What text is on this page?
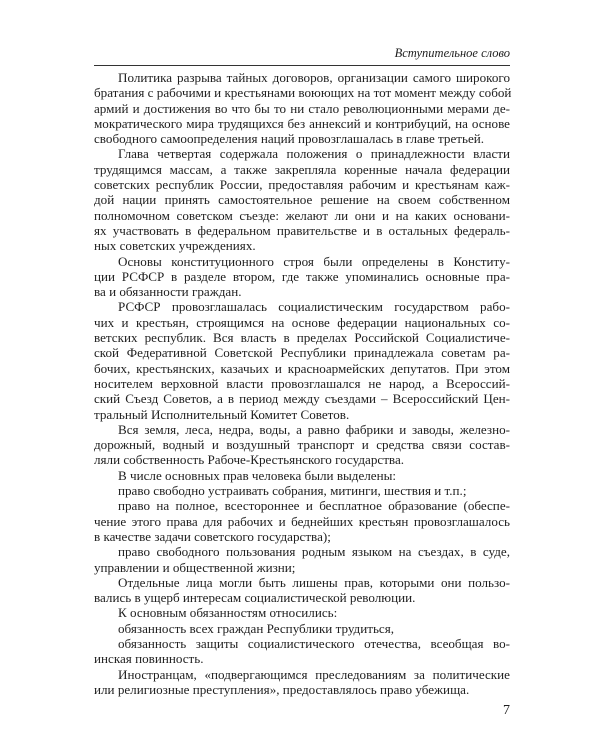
Вступительное слово
Политика разрыва тайных договоров, организации самого широкого
братания с рабочими и крестьянами воюющих на тот момент между собой
армий и достижения во что бы то ни стало революционными мерами де-
мократического мира трудящихся без аннексий и контрибуций, на основе
свободного самоопределения наций провозглашалась в главе третьей.
Глава четвертая содержала положения о принадлежности власти
трудящимся массам, а также закрепляла коренные начала федерации
советских республик России, предоставляя рабочим и крестьянам каж-
дой нации принять самостоятельное решение на своем собственном
полномочном советском съезде: желают ли они и на каких основани-
ях участвовать в федеральном правительстве и в остальных федераль-
ных советских учреждениях.
Основы конституционного строя были определены в Конститу-
ции РСФСР в разделе втором, где также упоминались основные пра-
ва и обязанности граждан.
РСФСР провозглашалась социалистическим государством рабо-
чих и крестьян, строящимся на основе федерации национальных со-
ветских республик. Вся власть в пределах Российской Социалистиче-
ской Федеративной Советской Республики принадлежала советам ра-
бочих, крестьянских, казачьих и красноармейских депутатов. При этом
носителем верховной власти провозглашался не народ, а Всероссий-
ский Съезд Советов, а в период между съездами – Всероссийский Цен-
тральный Исполнительный Комитет Советов.
Вся земля, леса, недра, воды, а равно фабрики и заводы, железно-
дорожный, водный и воздушный транспорт и средства связи состав-
ляли собственность Рабоче-Крестьянского государства.
В числе основных прав человека были выделены:
право свободно устраивать собрания, митинги, шествия и т.п.;
право на полное, всестороннее и бесплатное образование (обеспе-
чение этого права для рабочих и беднейших крестьян провозглашалось
в качестве задачи советского государства);
право свободного пользования родным языком на съездах, в суде,
управлении и общественной жизни;
Отдельные лица могли быть лишены прав, которыми они пользо-
вались в ущерб интересам социалистической революции.
К основным обязанностям относились:
обязанность всех граждан Республики трудиться,
обязанность защиты социалистического отечества, всеобщая во-
инская повинность.
Иностранцам, «подвергающимся преследованиям за политические
или религиозные преступления», предоставлялось право убежища.
7
